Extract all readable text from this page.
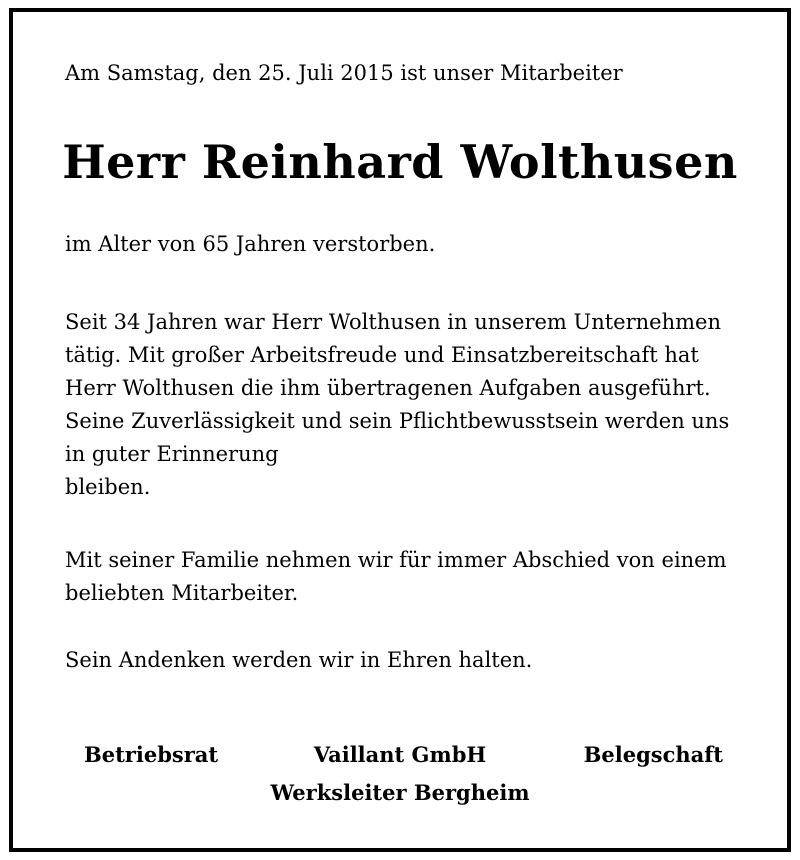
Am Samstag, den 25. Juli 2015 ist unser Mitarbeiter
Herr Reinhard Wolthusen
im Alter von 65 Jahren verstorben.
Seit 34 Jahren war Herr Wolthusen in unserem Unternehmen
tätig. Mit großer Arbeitsfreude und Einsatzbereitschaft hat
Herr Wolthusen die ihm übertragenen Aufgaben ausgeführt.
Seine Zuverlässigkeit und sein Pflichtbewusstsein werden uns
in guter Erinnerung
bleiben.
Mit seiner Familie nehmen wir für immer Abschied von einem
beliebten Mitarbeiter.
Sein Andenken werden wir in Ehren halten.
Betriebsrat	Vaillant GmbH
Werksleiter Bergheim
Belegschaft
